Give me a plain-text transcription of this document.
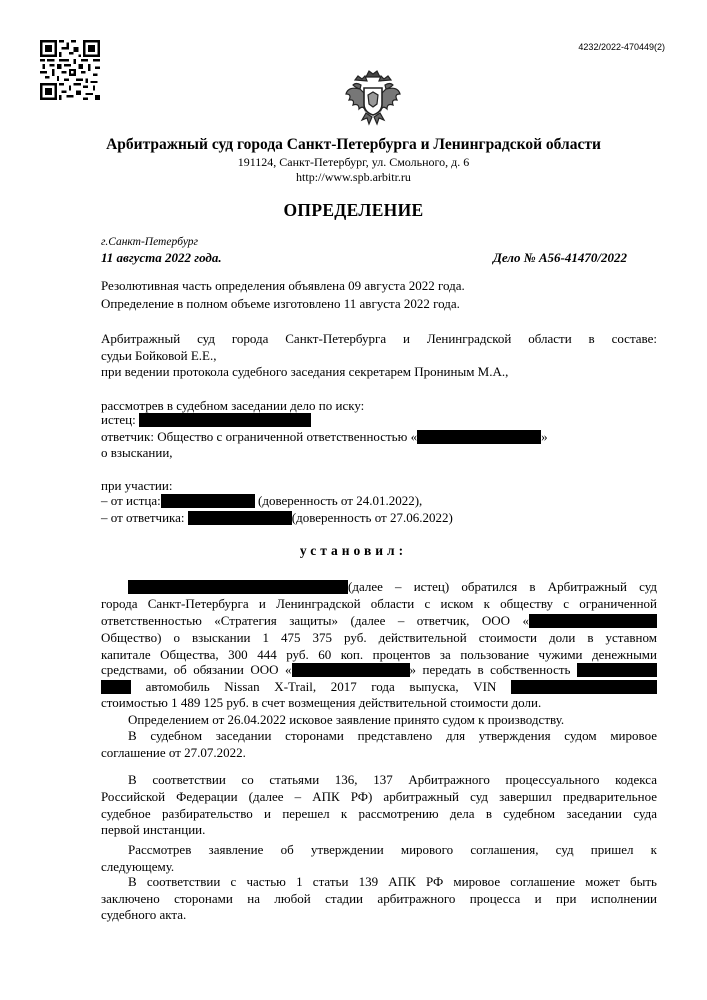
4232/2022-470449(2)
Арбитражный суд города Санкт-Петербурга и Ленинградской области
191124, Санкт-Петербург, ул. Смольного, д. 6
http://www.spb.arbitr.ru
ОПРЕДЕЛЕНИЕ
г.Санкт-Петербург
11 августа 2022 года.	Дело № А56-41470/2022
Резолютивная часть определения объявлена 09 августа 2022 года.
Определение в полном объеме изготовлено 11 августа 2022 года.
Арбитражный суд города Санкт-Петербурга и Ленинградской области в составе:
судьи Бойковой Е.Е.,
при ведении протокола судебного заседания секретарем Прониным М.А.,
рассмотрев в судебном заседании дело по иску:
истец:
ответчик: Общество с ограниченной ответственностью «	»
о взыскании,
при участии:
– от истца:	(доверенность от 24.01.2022),
– от ответчика:	(доверенность от 27.06.2022)
установил:
(далее – истец) обратился в Арбитражный суд
города Санкт-Петербурга и Ленинградской области с иском к обществу с ограниченной
ответственностью «Стратегия защиты» (далее – ответчик, ООО «
Общество) о взыскании 1 475 375 руб. действительной стоимости доли в уставном
капитале Общества, 300 444 руб. 60 коп. процентов за пользование чужими денежными
средствами, об обязании ООО «	» передать в собственность
автомобиль Nissan X-Trail, 2017 года выпуска, VIN
стоимостью 1 489 125 руб. в счет возмещения действительной стоимости доли.
Определением от 26.04.2022 исковое заявление принято судом к производству.
В судебном заседании сторонами представлено для утверждения судом мировое
соглашение от 27.07.2022.
В соответствии со статьями 136, 137 Арбитражного процессуального кодекса
Российской Федерации (далее – АПК РФ) арбитражный суд завершил предварительное
судебное разбирательство и перешел к рассмотрению дела в судебном заседании суда
первой инстанции.
Рассмотрев заявление об утверждении мирового соглашения, суд пришел к
следующему.
В соответствии с частью 1 статьи 139 АПК РФ мировое соглашение может быть
заключено сторонами на любой стадии арбитражного процесса и при исполнении
судебного акта.
